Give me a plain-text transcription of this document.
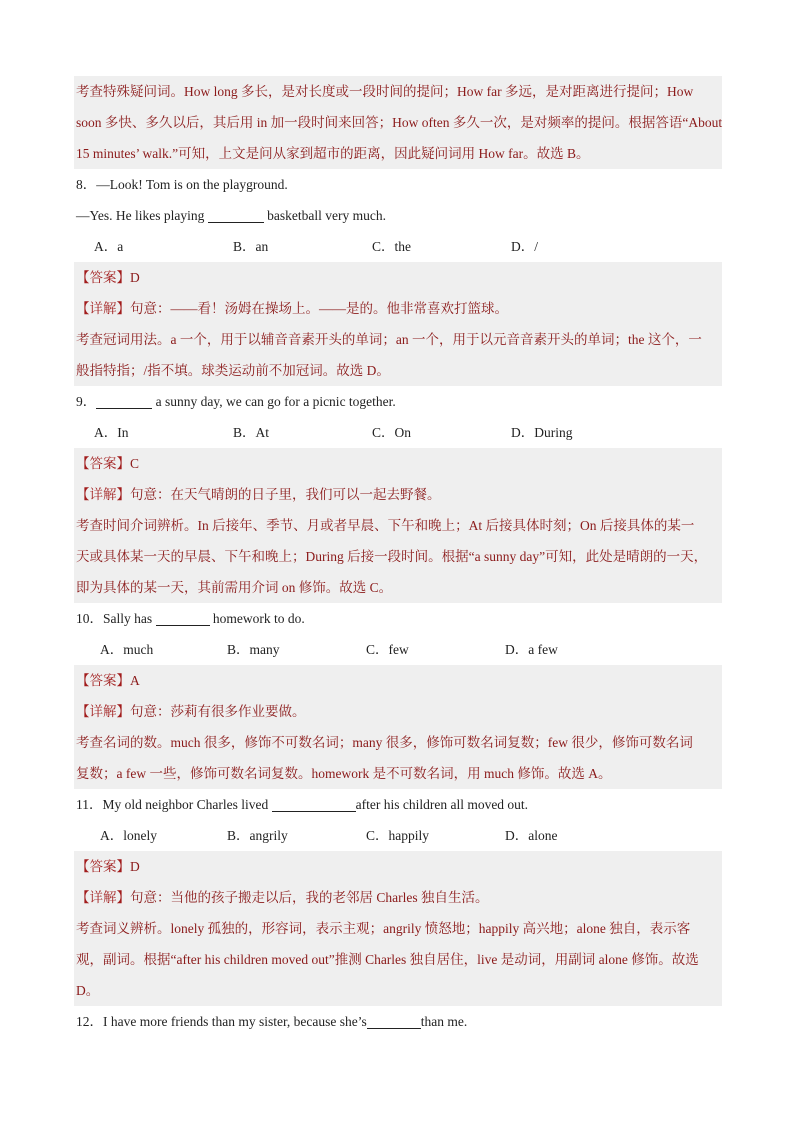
考查特殊疑问词。How long 多长，是对长度或一段时间的提问；How far 多远，是对距离进行提问；How
soon 多快、多久以后，其后用 in 加一段时间来回答；How often 多久一次，是对频率的提问。根据答语“About
15 minutes’ walk.”可知，上文是问从家到超市的距离，因此疑问词用 How far。故选 B。
8．—Look! Tom is on the playground.
—Yes. He likes playing	basketball very much.
A．a	B．an	C．the	D．/
【答案】D
【详解】句意：——看！汤姆在操场上。——是的。他非常喜欢打篮球。
考查冠词用法。a 一个，用于以辅音音素开头的单词；an 一个，用于以元音音素开头的单词；the 这个，一
般指特指；/指不填。球类运动前不加冠词。故选 D。
9．	a sunny day, we can go for a picnic together.
A．In	B．At	C．On	D．During
【答案】C
【详解】句意：在天气晴朗的日子里，我们可以一起去野餐。
考查时间介词辨析。In 后接年、季节、月或者早晨、下午和晚上；At 后接具体时刻；On 后接具体的某一
天或具体某一天的早晨、下午和晚上；During 后接一段时间。根据“a sunny day”可知，此处是晴朗的一天，
即为具体的某一天，其前需用介词 on 修饰。故选 C。
10．Sally has	homework to do.
A．much	B．many	C．few	D．a few
【答案】A
【详解】句意：莎莉有很多作业要做。
考查名词的数。much 很多，修饰不可数名词；many 很多，修饰可数名词复数；few 很少，修饰可数名词
复数；a few 一些，修饰可数名词复数。homework 是不可数名词，用 much 修饰。故选 A。
11．My old neighbor Charles lived	after his children all moved out.
A．lonely	B．angrily	C．happily	D．alone
【答案】D
【详解】句意：当他的孩子搬走以后，我的老邻居 Charles 独自生活。
考查词义辨析。lonely 孤独的，形容词，表示主观；angrily 愤怒地；happily 高兴地；alone 独自，表示客
观，副词。根据“after his children moved out”推测 Charles 独自居住，live 是动词，用副词 alone 修饰。故选
D。
12．I have more friends than my sister, because she’s	than me.
